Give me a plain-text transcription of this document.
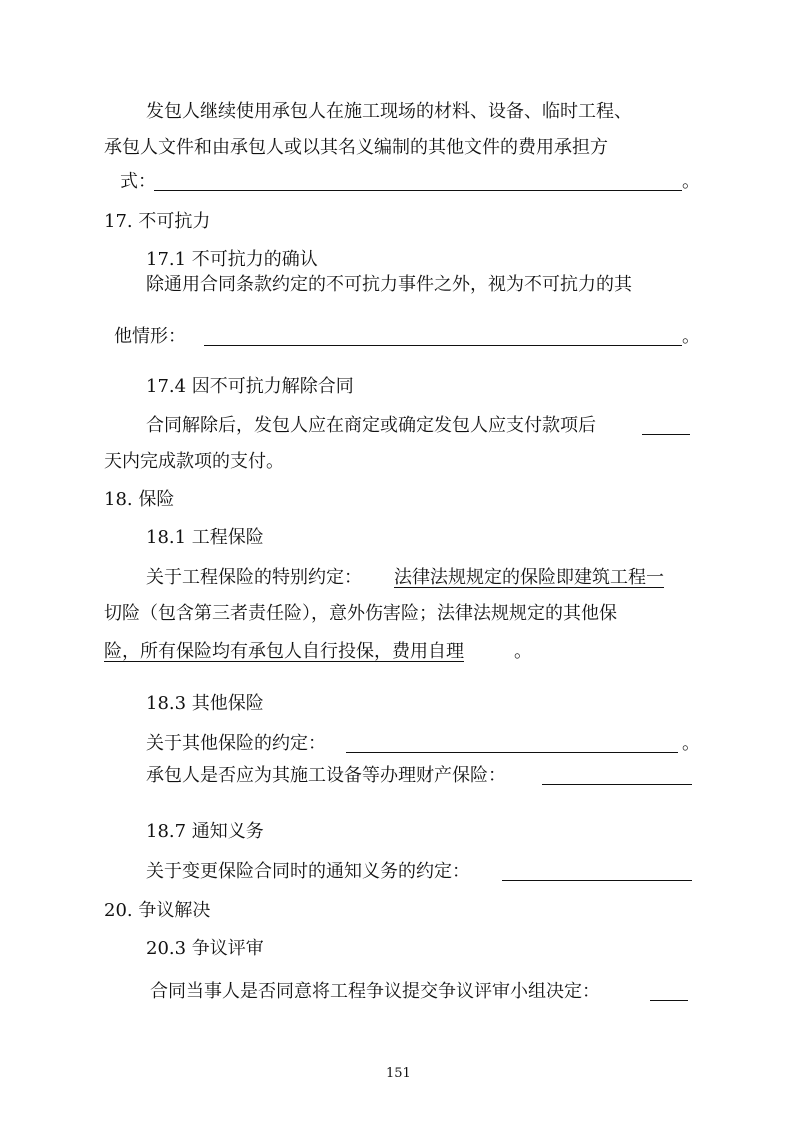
发包人继续使用承包人在施工现场的材料、设备、临时工程、
承包人文件和由承包人或以其名义编制的其他文件的费用承担方
式：	。
17. 不可抗力
17.1 不可抗力的确认
除通用合同条款约定的不可抗力事件之外，视为不可抗力的其
他情形：	。
17.4 因不可抗力解除合同
合同解除后，发包人应在商定或确定发包人应支付款项后
天内完成款项的支付。
18. 保险
18.1 工程保险
关于工程保险的特别约定： 法律法规规定的保险即建筑工程一
切险（包含第三者责任险），意外伤害险；法律法规规定的其他保
险，所有保险均有承包人自行投保，费用自理	。
18.3 其他保险
关于其他保险的约定：	。
承包人是否应为其施工设备等办理财产保险：
18.7 通知义务
关于变更保险合同时的通知义务的约定：
20. 争议解决
20.3 争议评审
合同当事人是否同意将工程争议提交争议评审小组决定：
151
